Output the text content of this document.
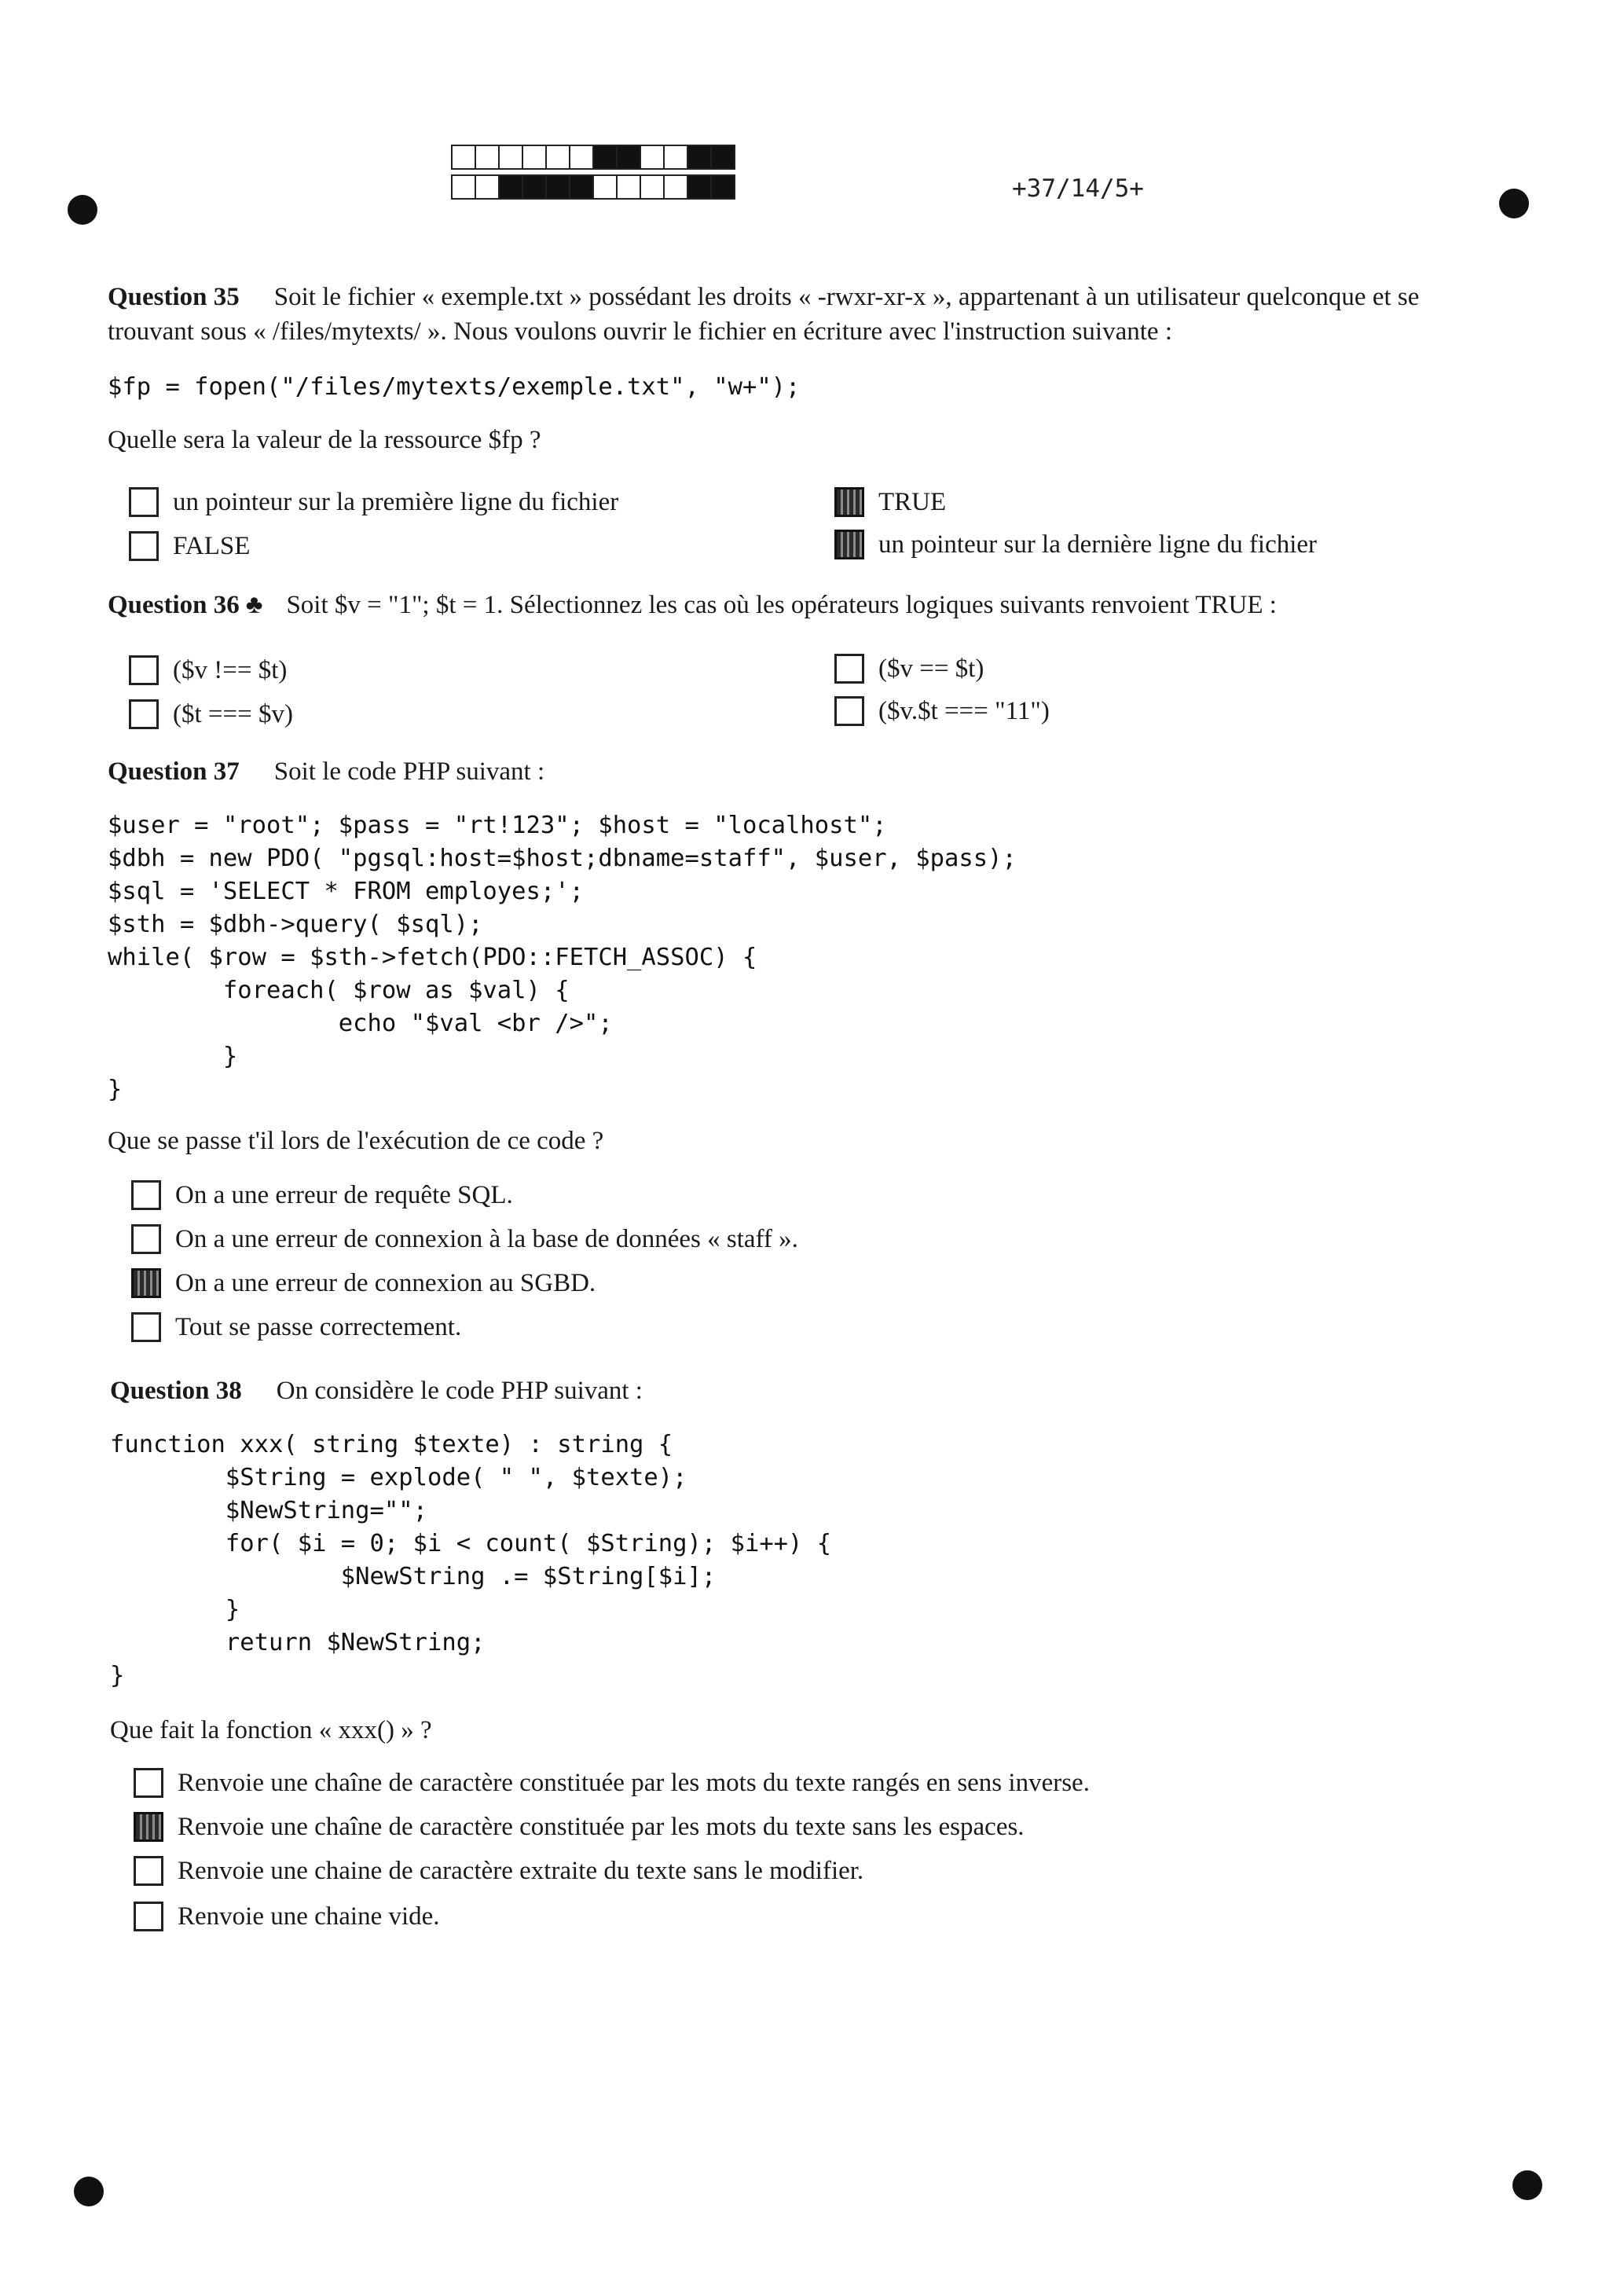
+37/14/5+
Question 35 Soit le fichier « exemple.txt » possédant les droits « -rwxr-xr-x », appartenant à un utilisateur quelconque et se trouvant sous « /files/mytexts/ ». Nous voulons ouvrir le fichier en écriture avec l'instruction suivante :
$fp = fopen("/files/mytexts/exemple.txt", "w+");
Quelle sera la valeur de la ressource $fp ?
un pointeur sur la première ligne du fichier
FALSE
TRUE
un pointeur sur la dernière ligne du fichier
Question 36 ♣ Soit $v = "1"; $t = 1. Sélectionnez les cas où les opérateurs logiques suivants renvoient TRUE :
($v !== $t)
($t === $v)
($v == $t)
($v.$t === "11")
Question 37 Soit le code PHP suivant :
$user = "root"; $pass = "rt!123"; $host = "localhost";
$dbh = new PDO( "pgsql:host=$host;dbname=staff", $user, $pass);
$sql = 'SELECT * FROM employes;';
$sth = $dbh->query( $sql);
while( $row = $sth->fetch(PDO::FETCH_ASSOC) {
foreach( $row as $val) {
echo "$val <br />";
}
}
Que se passe t'il lors de l'exécution de ce code ?
On a une erreur de requête SQL.
On a une erreur de connexion à la base de données « staff ».
On a une erreur de connexion au SGBD.
Tout se passe correctement.
Question 38 On considère le code PHP suivant :
function xxx( string $texte) : string {
$String = explode( " ", $texte);
$NewString="";
for( $i = 0; $i < count( $String); $i++) {
$NewString .= $String[$i];
}
return $NewString;
}
Que fait la fonction « xxx() » ?
Renvoie une chaîne de caractère constituée par les mots du texte rangés en sens inverse.
Renvoie une chaîne de caractère constituée par les mots du texte sans les espaces.
Renvoie une chaine de caractère extraite du texte sans le modifier.
Renvoie une chaine vide.
